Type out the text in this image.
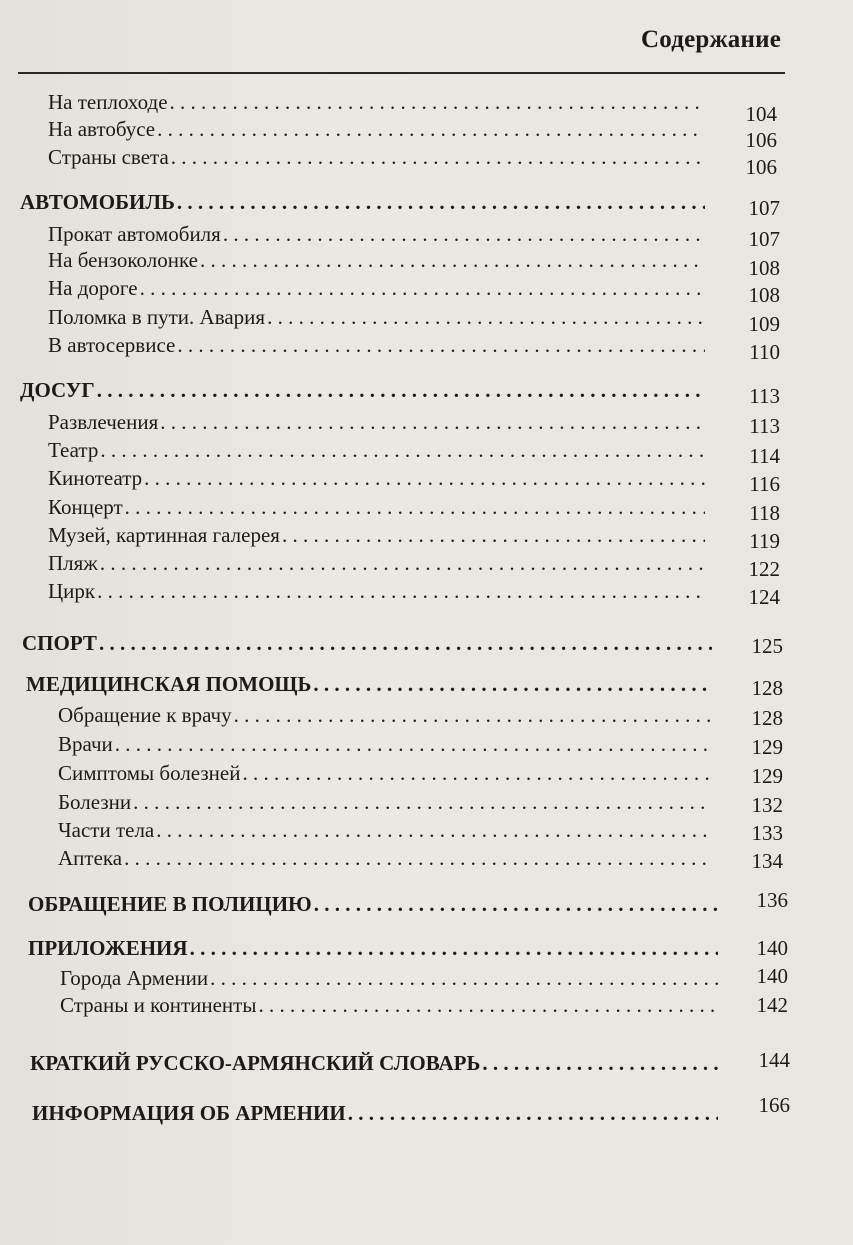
Содержание
На теплоходе . . .	104
На автобусе . . .	106
Страны света . . .	106
АВТОМОБИЛЬ . . .	107
Прокат автомобиля . . .	107
На бензоколонке . . .	108
На дороге . . .	108
Поломка в пути. Авария . . .	109
В автосервисе . . .	110
ДОСУГ . . .	113
Развлечения . . .	113
Театр . . .	114
Кинотеатр . . .	116
Концерт . . .	118
Музей, картинная галерея . . .	119
Пляж . . .	122
Цирк . . .	124
СПОРТ . . .	125
МЕДИЦИНСКАЯ ПОМОЩЬ . . .	128
Обращение к врачу . . .	128
Врачи . . .	129
Симптомы болезней . . .	129
Болезни . . .	132
Части тела . . .	133
Аптека . . .	134
ОБРАЩЕНИЕ В ПОЛИЦИЮ . . .	136
ПРИЛОЖЕНИЯ . . .	140
Города Армении . . .	140
Страны и континенты . . .	142
КРАТКИЙ РУССКО-АРМЯНСКИЙ СЛОВАРЬ . . .	144
ИНФОРМАЦИЯ ОБ АРМЕНИИ . . .	166
